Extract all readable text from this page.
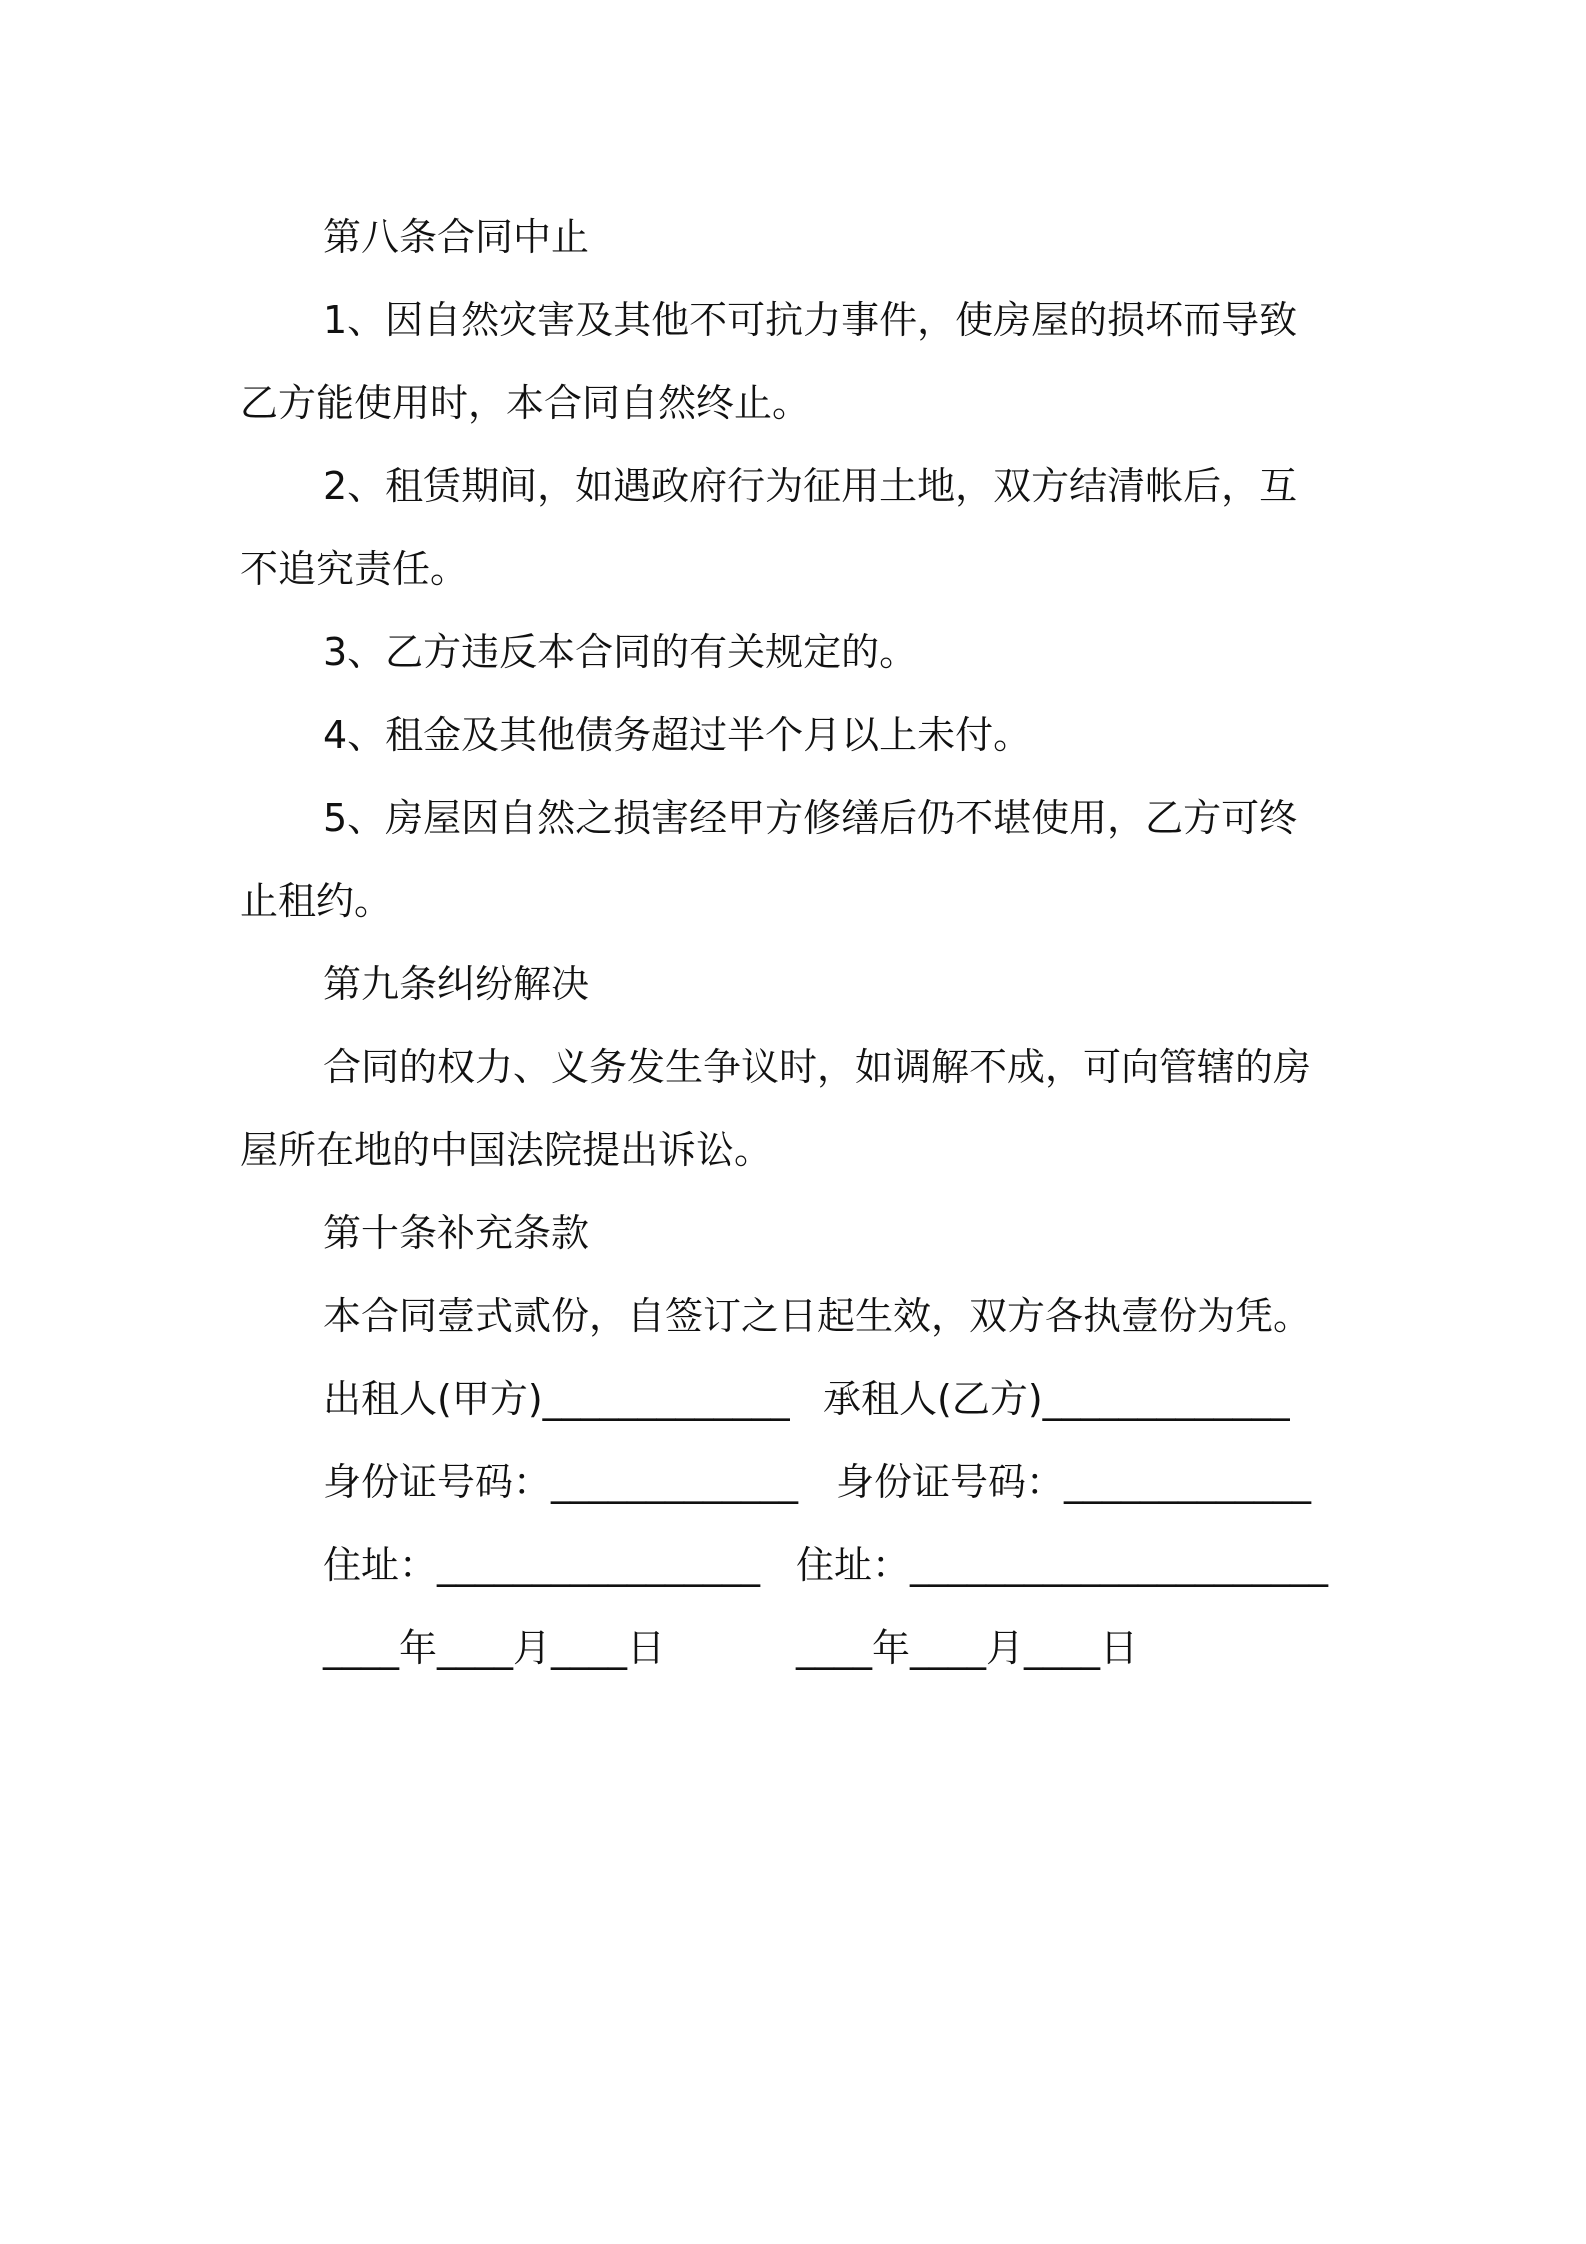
第八条合同中止

1、因自然灾害及其他不可抗力事件，使房屋的损坏而导致

乙方能使用时，本合同自然终止。

2、租赁期间，如遇政府行为征用土地，双方结清帐后，互

不追究责任。

3、乙方违反本合同的有关规定的。

4、租金及其他债务超过半个月以上未付。

5、房屋因自然之损害经甲方修缮后仍不堪使用，乙方可终

止租约。

第九条纠纷解决

合同的权力、义务发生争议时，如调解不成，可向管辖的房

屋所在地的中国法院提出诉讼。

第十条补充条款

本合同壹式贰份，自签订之日起生效，双方各执壹份为凭。

出租人(甲方)_____________ 承租人(乙方)_____________
身份证号码：_____________ 身份证号码：_____________
住址：_________________ 住址：______________________
____年____月____日	____年____月____日
